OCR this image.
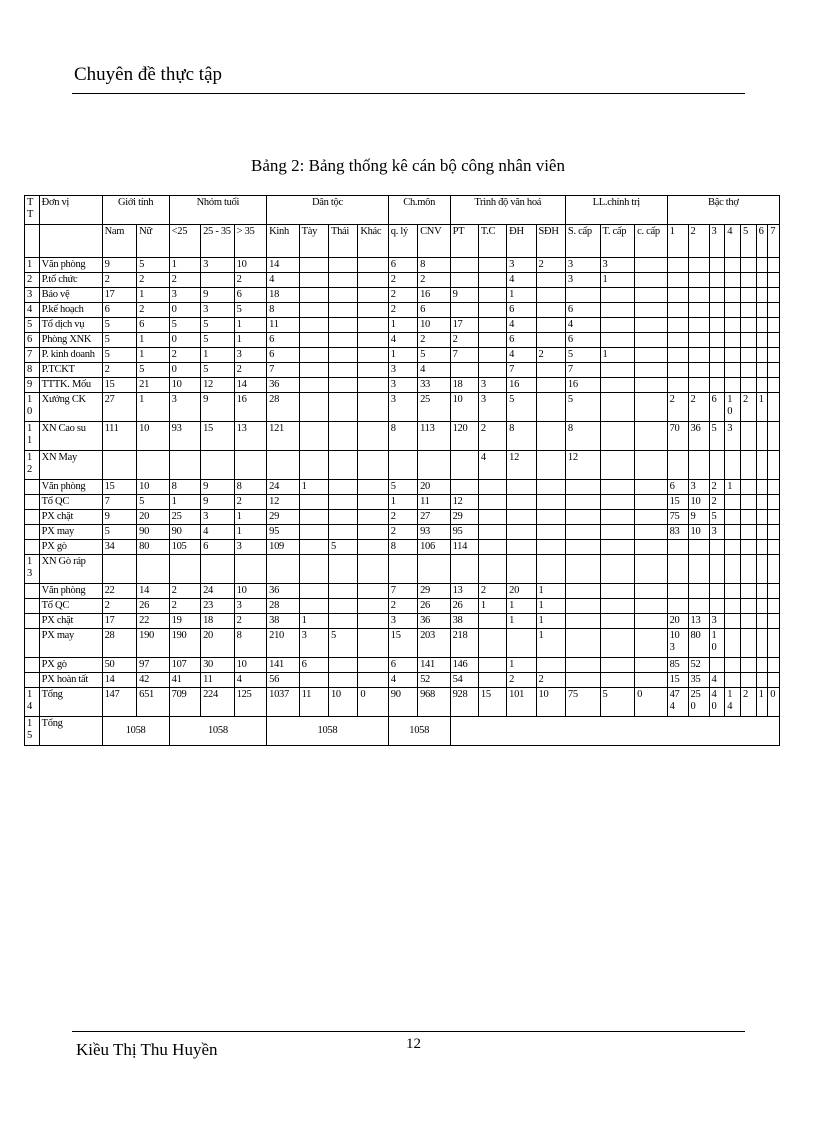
Chuyên đề thực tập
Bảng 2: Bảng thống kê cán bộ công nhân viên
T T	Đơn vị	Giới tính		Nhóm tuổi			Dân tộc				Ch.môn		Trình độ văn hoá				LL.chính trị			Bậc thợ						
		Nam	Nữ	<25	25 - 35	> 35	Kinh	Tày	Thái	Khác	q. lý	CNV	PT	T.C	ĐH	SĐH	S. cấp	T. cấp	c. cấp	1	2	3	4	5	6	7
1	Văn phòng	9	5	1	3	10	14				6	8			3	2	3	3								
2	P.tổ chức	2	2	2		2	4				2	2			4		3	1								
3	Bảo vệ	17	1	3	9	6	18				2	16	9		1											
4	P.kế hoạch	6	2	0	3	5	8				2	6			6		6									
5	Tổ dịch vụ	5	6	5	5	1	11				1	10	17		4		4									
6	Phòng XNK	5	1	0	5	1	6				4	2	2		6		6									
7	P. kinh doanh	5	1	2	1	3	6				1	5	7		4	2	5	1								
8	P.TCKT	2	5	0	5	2	7				3	4			7		7									
9	TTTK. Mốu	15	21	10	12	14	36				3	33	18	3	16		16									
1 0	Xưởng CK	27	1	3	9	16	28				3	25	10	3	5		5			2	2	6	1 0	2	1	
1 1	XN Cao su	111	10	93	15	13	121				8	113	120	2	8		8			70	36	5	3			
1 2	XN May													4	12		12									
	Văn phòng	15	10	8	9	8	24	1			5	20								6	3	2	1			
	Tổ QC	7	5	1	9	2	12				1	11	12							15	10	2				
	PX chặt	9	20	25	3	1	29				2	27	29							75	9	5				
	PX may	5	90	90	4	1	95				2	93	95							83	10	3				
	PX gò	34	80	105	6	3	109		5		8	106	114													
1 3	XN Gò ráp																									
	Văn phòng	22	14	2	24	10	36				7	29	13	2	20	1										
	Tổ QC	2	26	2	23	3	28				2	26	26	1	1	1										
	PX chặt	17	22	19	18	2	38	1			3	36	38		1	1				20	13	3				
	PX may	28	190	190	20	8	210	3	5		15	203	218			1				10 3	80	1 0				
	PX gò	50	97	107	30	10	141	6			6	141	146		1					85	52					
	PX hoàn tất	14	42	41	11	4	56				4	52	54		2	2				15	35	4				
1 4	Tổng	147	651	709	224	125	1037	11	10	0	90	968	928	15	101	10	75	5	0	47 4	25 0	4 0	1 4	2	1	0
1 5	Tổng	1058		1058			1058				1058															
Kiều Thị Thu Huyền	12
